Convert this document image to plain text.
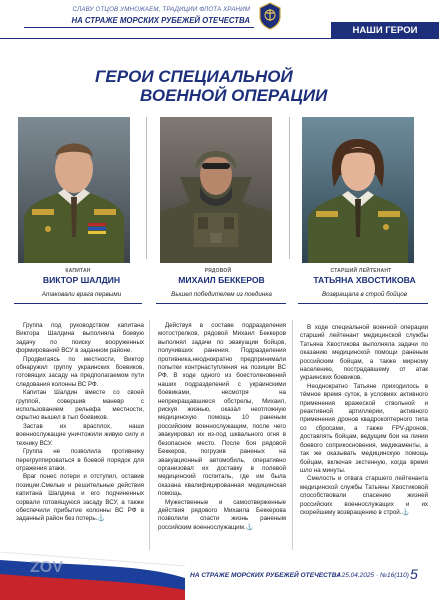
СЛАВУ ОТЦОВ УМНОЖАЕМ, ТРАДИЦИИ ФЛОТА ХРАНИМ
НА СТРАЖЕ МОРСКИХ РУБЕЖЕЙ ОТЕЧЕСТВА
НАШИ ГЕРОИ
ГЕРОИ СПЕЦИАЛЬНОЙ
ВОЕННОЙ ОПЕРАЦИИ
КАПИТАН
ВИКТОР ШАЛДИН
Атаковали врага первыми
РЯДОВОЙ
МИХАИЛ БЕККЕРОВ
Вышел победителем из поединка
СТАРШИЙ ЛЕЙТЕНАНТ
ТАТЬЯНА ХВОСТИКОВА
Возвращала в строй бойцов

Группа под руководством капитана Виктора Шалдина выполняла боевую задачу по поиску вооруженных формирований ВСУ в заданном районе.

Продвигаясь по местности, Виктор обнаружил группу украинских боевиков, готовящих засаду на предполагаемом пути следования колонны ВС РФ.

Капитан Шалдин вместе со своей группой, совершив маневр с использованием рельефа местности, скрытно вышел в тыл боевиков.

Застав их врасплох, наши военнослужащие уничтожили живую силу и технику ВСУ.

Группа не позволила противнику перегруппироваться в боевой порядок для отражения атаки.

Враг понес потери и отступил, оставив позиции.Смелые и решительные действия капитана Шалдина и его подчиненных сорвали готовящуюся засаду ВСУ, а также обеспечили прибытие колонны ВС РФ в заданный район без потерь.⚓

Действуя в составе подразделения мотострелков, рядовой Михаил Беккеров выполнял задачи по эвакуации бойцов, получивших ранения. Подразделения противника,неоднократно предпринимали попытки контрнаступления на позиции ВС РФ. В ходе одного из боестолкновений наших подразделений с украинскими боевиками, несмотря на непрекращавшиеся обстрелы, Михаил, рискуя жизнью, оказал неотложную медицинскую помощь 10 раненым российским военнослужащим, после чего эвакуировал их из-под шквального огня в безопасное место. После боя рядовой Беккеров, погрузив раненых на эвакуационный автомобиль, оперативно организовал их доставку в полевой медицинский госпиталь, где им была оказана квалифицированная медицинская помощь.

Мужественные и самоотверженные действия рядового Михаила Беккерова позволили спасти жизнь раненым российским военнослужащим.⚓

В ходе специальной военной операции старший лейтенант медицинской службы Татьяна Хвостикова выполняла задачи по оказанию медицинской помощи раненым российским бойцам, а также мирному населению, пострадавшему от атак украинских боевиков.

Неоднократно Татьяне приходилось в тёмное время суток, в условиях активного применения вражеской ствольной и реактивной артиллерии, активного применения дронов квадрокоптерного типа со сбросами, а также FPV-дронов, доставлять бойцам, ведущим бои на линии боевого соприкосновения, медикаменты, а так же оказывать медицинскую помощь бойцам, включая экстенную, когда время шло на минуты.

Смелость и отвага старшего лейтенанта медицинской службы Татьяны Хвостиковой способствовали спасению жизней российских военнослужащих и их скорейшему возвращению в строй.⚓

ZOV	НА СТРАЖЕ МОРСКИХ РУБЕЖЕЙ ОТЕЧЕСТВА
/ 25.04.2025 · №16(110) 5
